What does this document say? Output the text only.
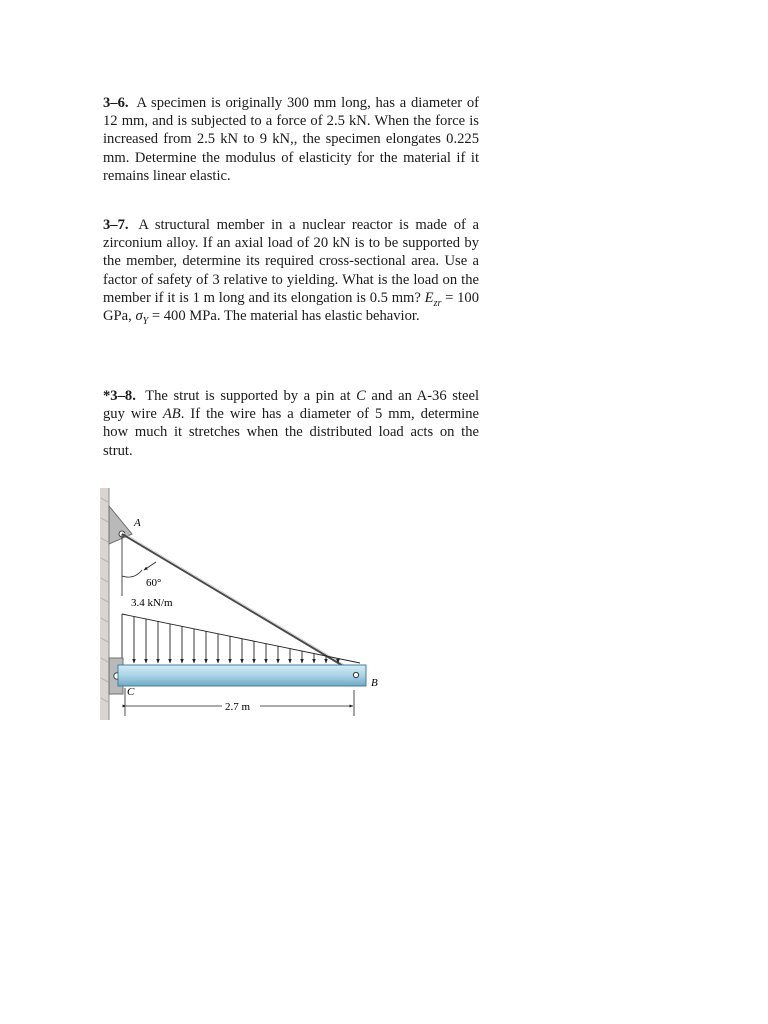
3–6. A specimen is originally 300 mm long, has a diameter of 12 mm, and is subjected to a force of 2.5 kN. When the force is increased from 2.5 kN to 9 kN,, the specimen elongates 0.225 mm. Determine the modulus of elasticity for the material if it remains linear elastic.
3–7. A structural member in a nuclear reactor is made of a zirconium alloy. If an axial load of 20 kN is to be supported by the member, determine its required cross-sectional area. Use a factor of safety of 3 relative to yielding. What is the load on the member if it is 1 m long and its elongation is 0.5 mm? $E_{zr} = 100$ GPa, $\sigma_Y = 400$ MPa. The material has elastic behavior.
*3–8. The strut is supported by a pin at C and an A-36 steel guy wire AB. If the wire has a diameter of 5 mm, determine how much it stretches when the distributed load acts on the strut.
A
60°
3.4 kN/m
B
C
2.7 m
